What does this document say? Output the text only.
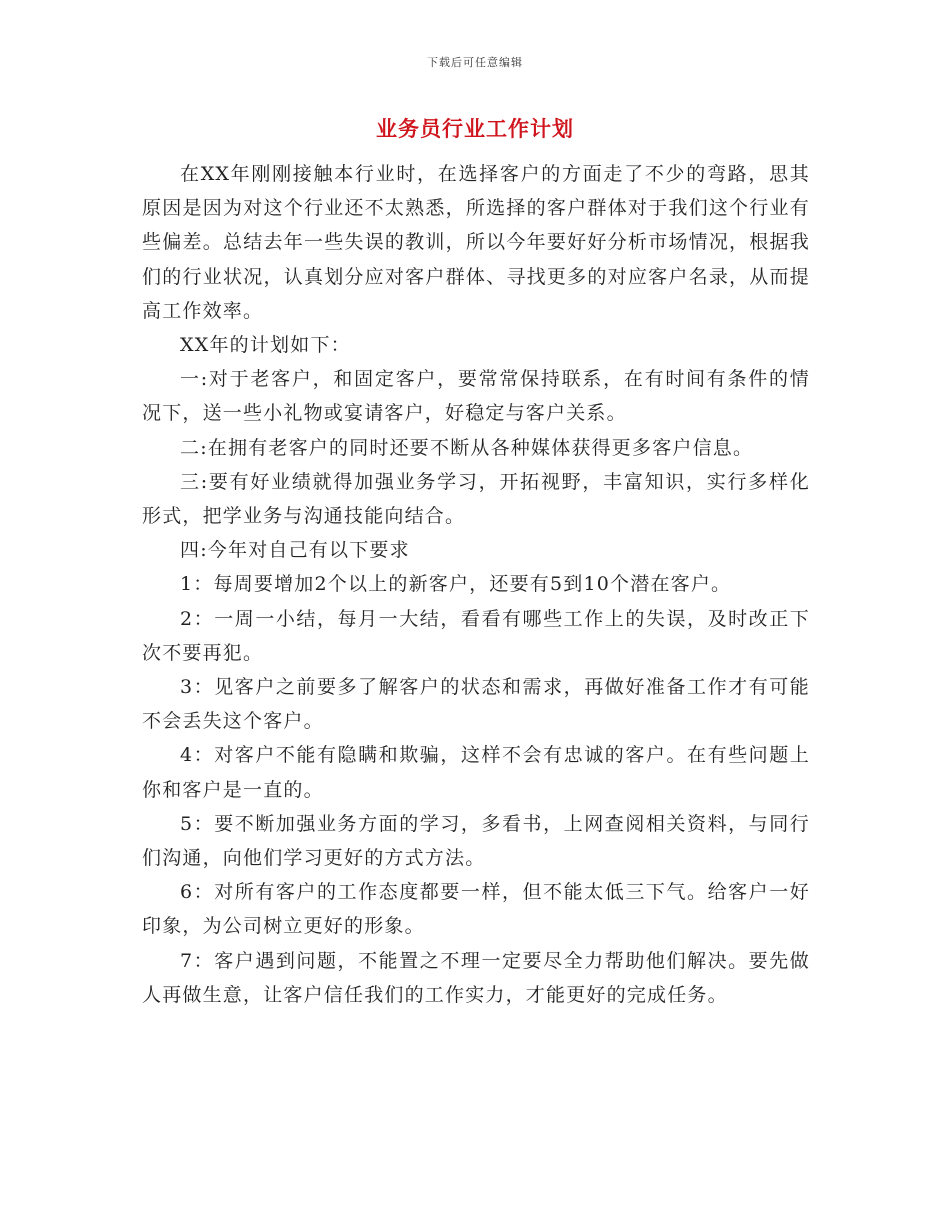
下载后可任意编辑
业务员行业工作计划

在XX年刚刚接触本行业时，在选择客户的方面走了不少的弯路，思其原因是因为对这个行业还不太熟悉，所选择的客户群体对于我们这个行业有些偏差。总结去年一些失误的教训，所以今年要好好分析市场情况，根据我们的行业状况，认真划分应对客户群体、寻找更多的对应客户名录，从而提高工作效率。

XX年的计划如下：

一:对于老客户，和固定客户，要常常保持联系，在有时间有条件的情况下，送一些小礼物或宴请客户，好稳定与客户关系。

二:在拥有老客户的同时还要不断从各种媒体获得更多客户信息。

三:要有好业绩就得加强业务学习，开拓视野，丰富知识，实行多样化形式，把学业务与沟通技能向结合。

四:今年对自己有以下要求

1：每周要增加2个以上的新客户，还要有5到10个潜在客户。

2：一周一小结，每月一大结，看看有哪些工作上的失误，及时改正下次不要再犯。

3：见客户之前要多了解客户的状态和需求，再做好准备工作才有可能不会丢失这个客户。

4：对客户不能有隐瞒和欺骗，这样不会有忠诚的客户。在有些问题上你和客户是一直的。

5：要不断加强业务方面的学习，多看书，上网查阅相关资料，与同行们沟通，向他们学习更好的方式方法。

6：对所有客户的工作态度都要一样，但不能太低三下气。给客户一好印象，为公司树立更好的形象。

7：客户遇到问题，不能置之不理一定要尽全力帮助他们解决。要先做人再做生意，让客户信任我们的工作实力，才能更好的完成任务。
